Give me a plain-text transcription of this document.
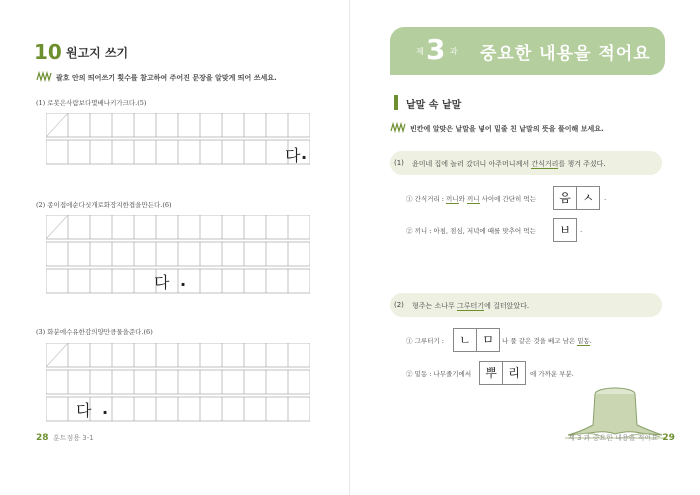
10 원고지 쓰기
괄호 안의 띄어쓰기 횟수를 참고하여 주어진 문장을 알맞게 띄어 쓰세요.
(1) 로봇은사람보다몇배나키가크다.(5)
다 .
(2) 종이접에순다싯개로화장지한겹을만든다.(6)
다 .
(3) 화분에수유한감의양만큼물을준다.(6)
다 .
28 훈트점용 3-1
제 3 과 중요한 내용을 적어요
낱말 속 낱말
빈칸에 알맞은 낱말을 넣어 밑줄 친 낱말의 뜻을 풀이해 보세요.
(1) 윤미네 집에 놀러 갔더니 아주머니께서 간식거리를 챙겨 주셨다.
① 간식거리 : 끼니와 끼니 사이에 간단히 먹는	음 ㅅ	.
② 끼니 : 아침, 점심, 저녁에 때를 맞추어 먹는	ㅂ	.
(2) 형주는 소나무 그루터기에 걸터앉았다.
① 그루터기 :	ㄴ ㅁ	나 풀 같은 것을 베고 남은 밑동.
② 밑동 : 나무줄기에서	뿌 리	에 가까운 부분.
제 3 과 중요한 내용을 적어요 29
